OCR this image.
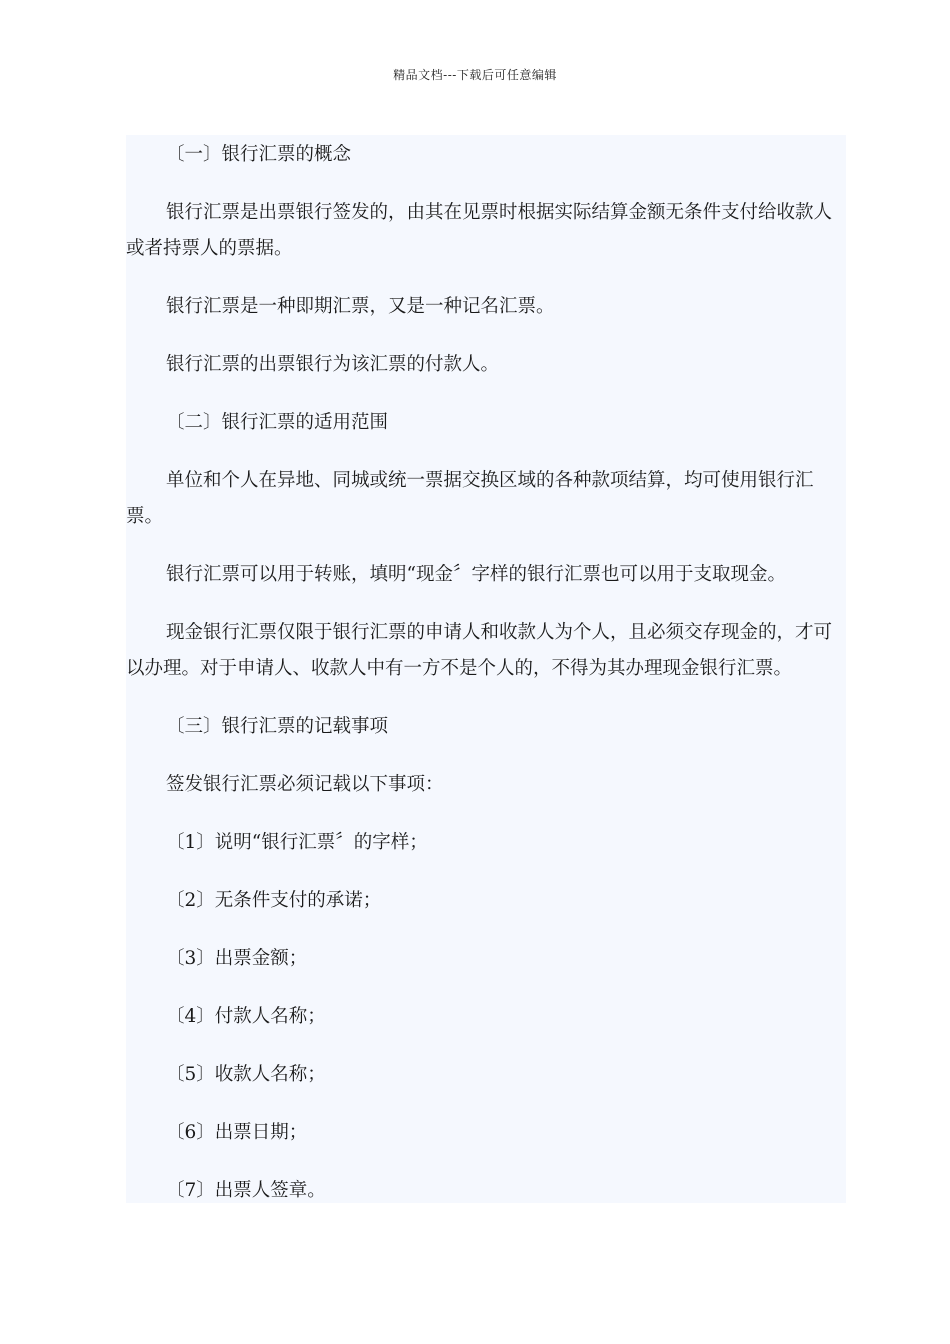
精品文档---下载后可任意编辑

〔一〕银行汇票的概念

银行汇票是出票银行签发的，由其在见票时根据实际结算金额无条件支付给收款人或者持票人的票据。

银行汇票是一种即期汇票，又是一种记名汇票。

银行汇票的出票银行为该汇票的付款人。

〔二〕银行汇票的适用范围

单位和个人在异地、同城或统一票据交换区域的各种款项结算，均可使用银行汇票。

银行汇票可以用于转账，填明“现金〞字样的银行汇票也可以用于支取现金。

现金银行汇票仅限于银行汇票的申请人和收款人为个人，且必须交存现金的，才可以办理。对于申请人、收款人中有一方不是个人的，不得为其办理现金银行汇票。

〔三〕银行汇票的记载事项

签发银行汇票必须记载以下事项：

〔1〕说明“银行汇票〞的字样；

〔2〕无条件支付的承诺；

〔3〕出票金额；

〔4〕付款人名称；

〔5〕收款人名称；

〔6〕出票日期；

〔7〕出票人签章。
